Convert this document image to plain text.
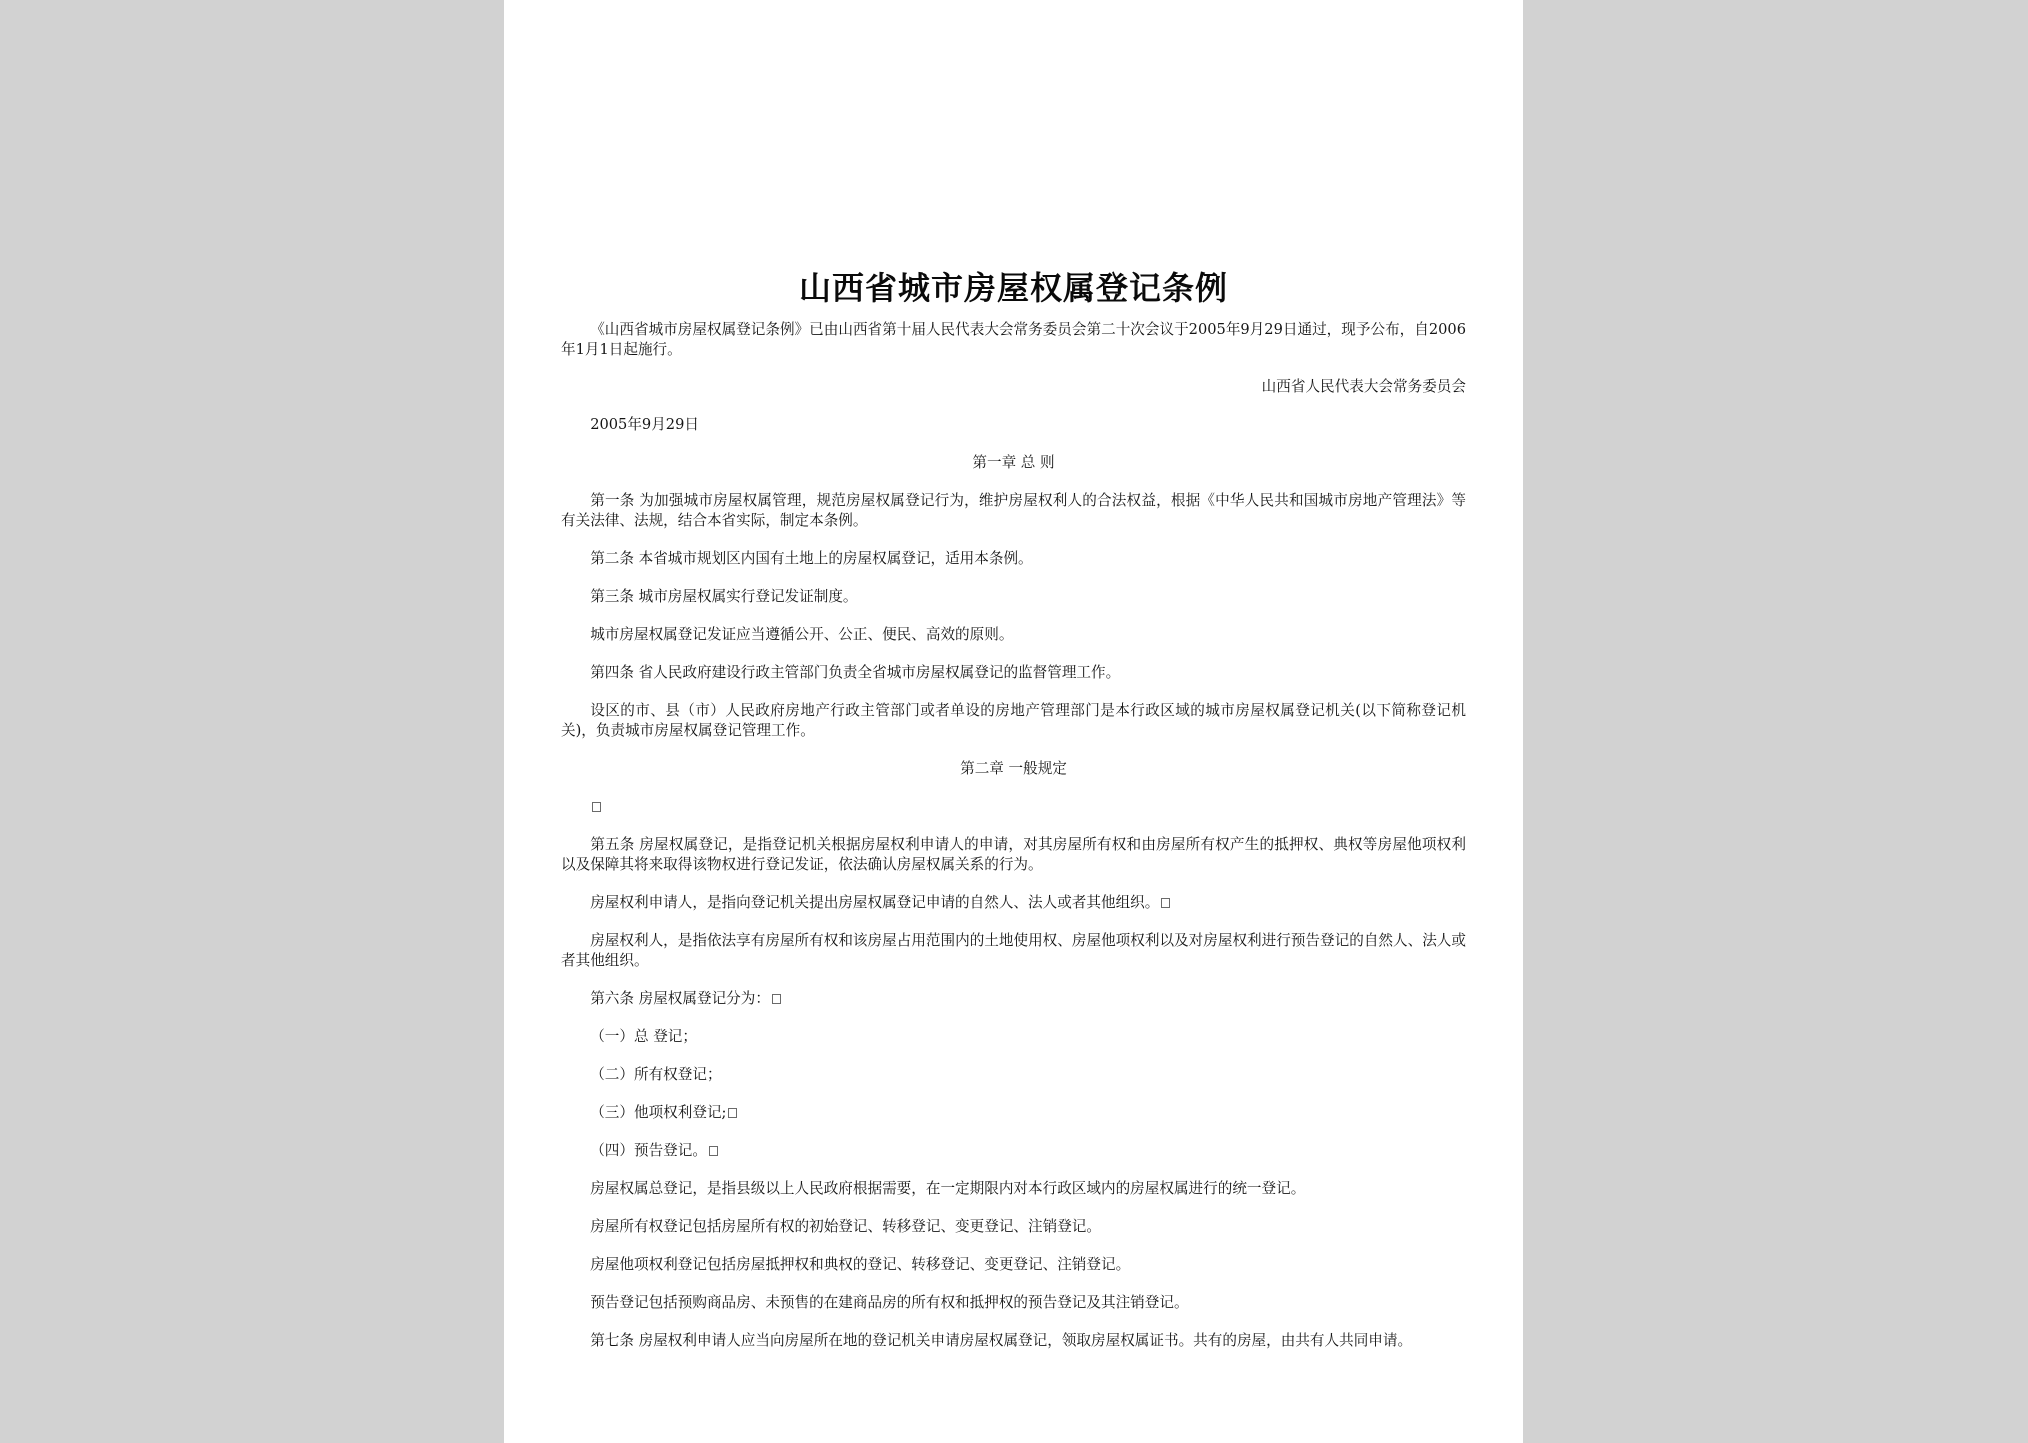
山西省城市房屋权属登记条例

《山西省城市房屋权属登记条例》已由山西省第十届人民代表大会常务委员会第二十次会议于2005年9月29日通过，现予公布，自2006年1月1日起施行。

山西省人民代表大会常务委员会

2005年9月29日

第一章 总 则

第一条 为加强城市房屋权属管理，规范房屋权属登记行为，维护房屋权利人的合法权益，根据《中华人民共和国城市房地产管理法》等有关法律、法规，结合本省实际，制定本条例。

第二条 本省城市规划区内国有土地上的房屋权属登记，适用本条例。

第三条 城市房屋权属实行登记发证制度。

城市房屋权属登记发证应当遵循公开、公正、便民、高效的原则。

第四条 省人民政府建设行政主管部门负责全省城市房屋权属登记的监督管理工作。

设区的市、县（市）人民政府房地产行政主管部门或者单设的房地产管理部门是本行政区域的城市房屋权属登记机关(以下简称登记机关)，负责城市房屋权属登记管理工作。

第二章 一般规定

第五条 房屋权属登记，是指登记机关根据房屋权利申请人的申请，对其房屋所有权和由房屋所有权产生的抵押权、典权等房屋他项权利以及保障其将来取得该物权进行登记发证，依法确认房屋权属关系的行为。

房屋权利申请人，是指向登记机关提出房屋权属登记申请的自然人、法人或者其他组织。

房屋权利人，是指依法享有房屋所有权和该房屋占用范围内的土地使用权、房屋他项权利以及对房屋权利进行预告登记的自然人、法人或者其他组织。

第六条 房屋权属登记分为：

（一）总 登记；

（二）所有权登记；

（三）他项权利登记;

（四）预告登记。

房屋权属总登记，是指县级以上人民政府根据需要，在一定期限内对本行政区域内的房屋权属进行的统一登记。

房屋所有权登记包括房屋所有权的初始登记、转移登记、变更登记、注销登记。

房屋他项权利登记包括房屋抵押权和典权的登记、转移登记、变更登记、注销登记。

预告登记包括预购商品房、未预售的在建商品房的所有权和抵押权的预告登记及其注销登记。

第七条 房屋权利申请人应当向房屋所在地的登记机关申请房屋权属登记，领取房屋权属证书。共有的房屋，由共有人共同申请。
